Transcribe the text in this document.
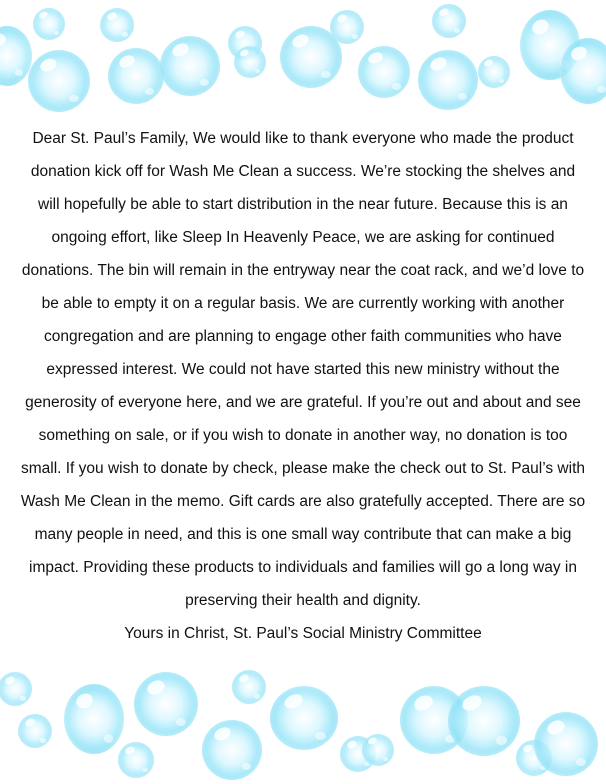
Dear St. Paul’s Family, We would like to thank everyone who made the product donation kick off for Wash Me Clean a success. We’re stocking the shelves and will hopefully be able to start distribution in the near future. Because this is an ongoing effort, like Sleep In Heavenly Peace, we are asking for continued donations. The bin will remain in the entryway near the coat rack, and we’d love to be able to empty it on a regular basis. We are currently working with another congregation and are planning to engage other faith communities who have expressed interest. We could not have started this new ministry without the generosity of everyone here, and we are grateful. If you’re out and about and see something on sale, or if you wish to donate in another way, no donation is too small. If you wish to donate by check, please make the check out to St. Paul’s with Wash Me Clean in the memo. Gift cards are also gratefully accepted. There are so many people in need, and this is one small way contribute that can make a big impact. Providing these products to individuals and families will go a long way in preserving their health and dignity.

Yours in Christ, St. Paul’s Social Ministry Committee
